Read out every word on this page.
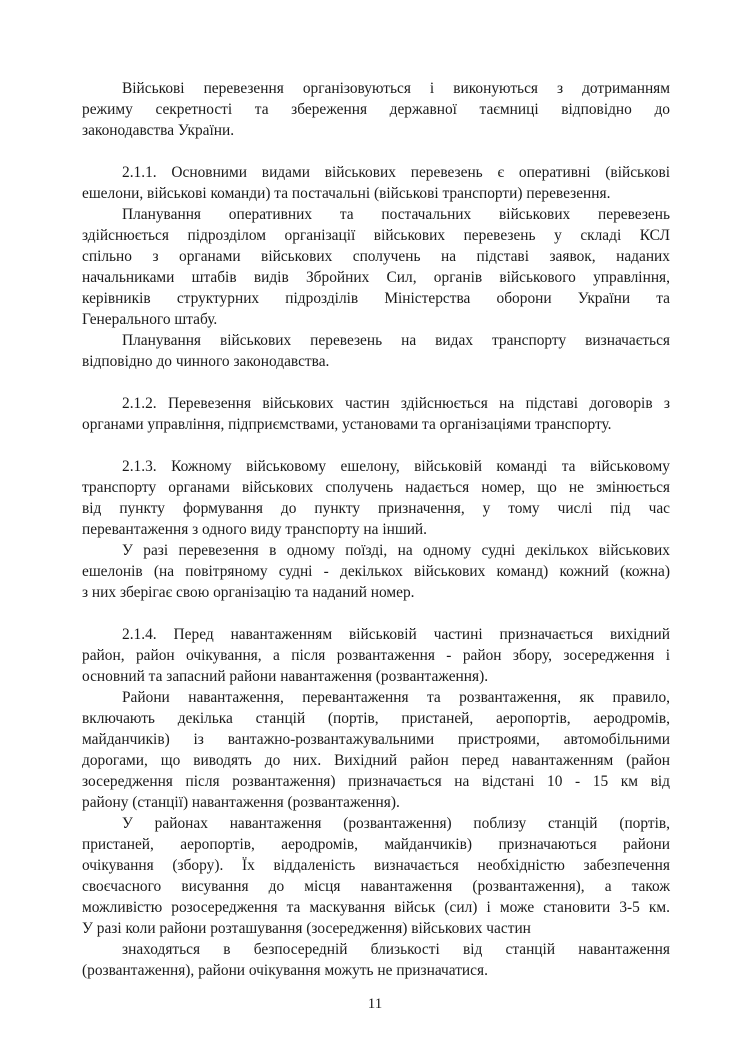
Військові перевезення організовуються і виконуються з дотриманням
режиму секретності та збереження державної таємниці відповідно до
законодавства України.
2.1.1. Основними видами військових перевезень є оперативні (військові
ешелони, військові команди) та постачальні (військові транспорти) перевезення.
Планування оперативних та постачальних військових перевезень
здійснюється підрозділом організації військових перевезень у складі КСЛ
спільно з органами військових сполучень на підставі заявок, наданих
начальниками штабів видів Збройних Сил, органів військового управління,
керівників структурних підрозділів Міністерства оборони України та
Генерального штабу.
Планування військових перевезень на видах транспорту визначається
відповідно до чинного законодавства.
2.1.2. Перевезення військових частин здійснюється на підставі договорів з
органами управління, підприємствами, установами та організаціями транспорту.
2.1.3. Кожному військовому ешелону, військовій команді та військовому
транспорту органами військових сполучень надається номер, що не змінюється
від пункту формування до пункту призначення, у тому числі під час
перевантаження з одного виду транспорту на інший.
У разі перевезення в одному поїзді, на одному судні декількох військових
ешелонів (на повітряному судні - декількох військових команд) кожний (кожна)
з них зберігає свою організацію та наданий номер.
2.1.4. Перед навантаженням військовій частині призначається вихідний
район, район очікування, а після розвантаження - район збору, зосередження і
основний та запасний райони навантаження (розвантаження).
Райони навантаження, перевантаження та розвантаження, як правило,
включають декілька станцій (портів, пристаней, аеропортів, аеродромів,
майданчиків) із вантажно-розвантажувальними пристроями, автомобільними
дорогами, що виводять до них. Вихідний район перед навантаженням (район
зосередження після розвантаження) призначається на відстані 10 - 15 км від
району (станції) навантаження (розвантаження).
У районах навантаження (розвантаження) поблизу станцій (портів,
пристаней, аеропортів, аеродромів, майданчиків) призначаються райони
очікування (збору). Їх віддаленість визначається необхідністю забезпечення
своєчасного висування до місця навантаження (розвантаження), а також
можливістю розосередження та маскування військ (сил) і може становити 3-5 км.
У разі коли райони розташування (зосередження) військових частин
знаходяться в безпосередній близькості від станцій навантаження
(розвантаження), райони очікування можуть не призначатися.
11
